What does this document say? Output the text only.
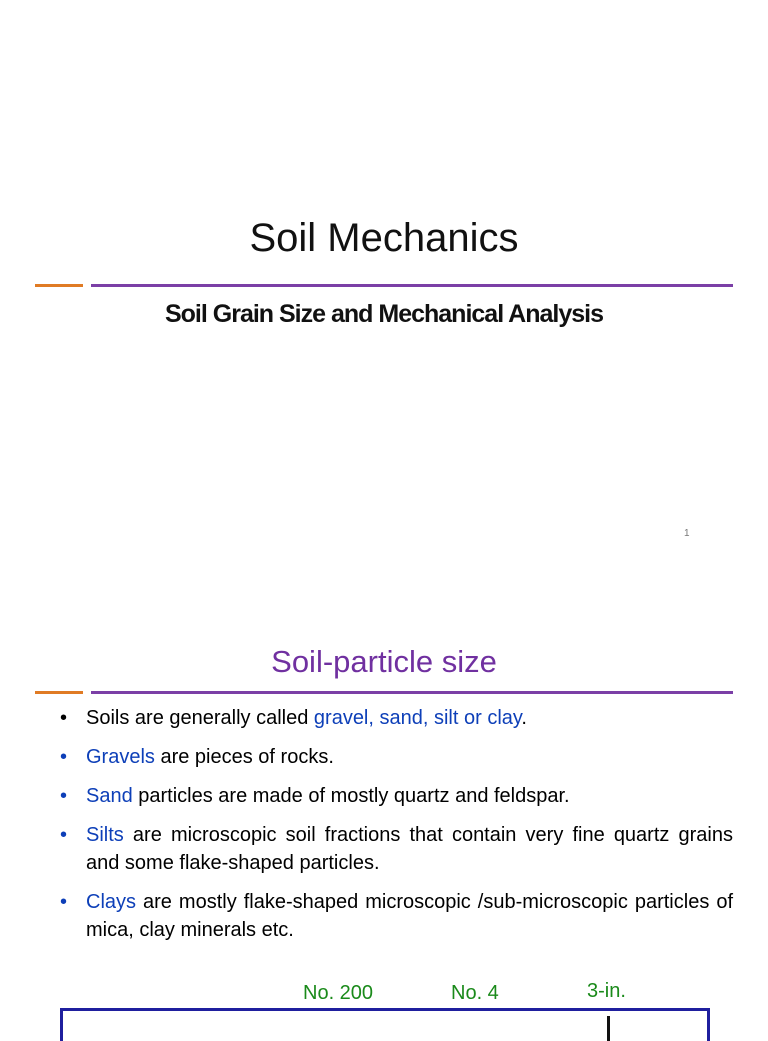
Soil Mechanics
Soil Grain Size and Mechanical Analysis
1
Soil-particle size
• Soils are generally called gravel, sand, silt or clay.
• Gravels are pieces of rocks.
• Sand particles are made of mostly quartz and feldspar.
• Silts are microscopic soil fractions that contain very fine quartz grains and some flake-shaped particles.
• Clays are mostly flake-shaped microscopic /sub-microscopic particles of mica, clay minerals etc.
No. 200	No. 4	3-in.
